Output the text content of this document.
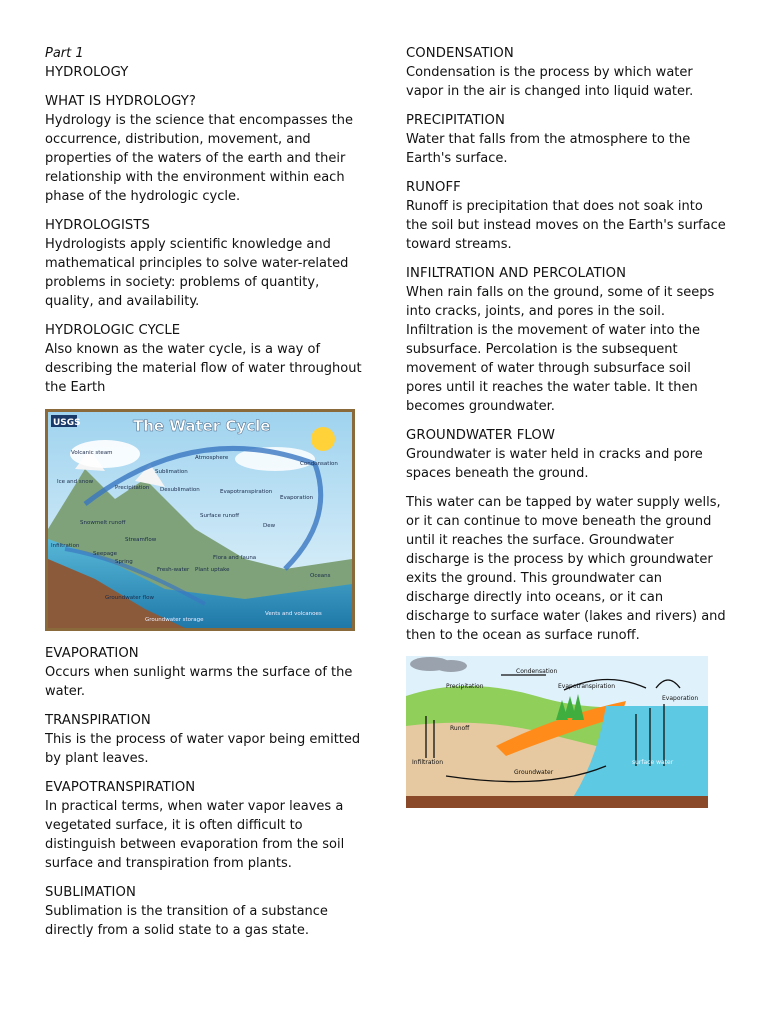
Part 1
HYDROLOGY
WHAT IS HYDROLOGY?

Hydrology is the science that encompasses the occurrence, distribution, movement, and properties of the waters of the earth and their relationship with the environment within each phase of the hydrologic cycle.

HYDROLOGISTS

Hydrologists apply scientific knowledge and mathematical principles to solve water-related problems in society: problems of quantity, quality, and availability.

HYDROLOGIC CYCLE

Also known as the water cycle, is a way of describing the material flow of water throughout the Earth

USGS	The Water Cycle
Atmosphere
Condensation
Sublimation
Desublimation	Evapotranspiration
Evaporation
Precipitation
Ice and snow
Snowmelt runoff
Surface runoff
Dew
Streamflow
Infiltration
Seepage
Spring
Fresh-water Plant uptake
Flora and fauna
Groundwater flow
Groundwater storage
Oceans
Vents and volcanoes
Volcanic steam
EVAPORATION

Occurs when sunlight warms the surface of the water.

TRANSPIRATION

This is the process of water vapor being emitted by plant leaves.

EVAPOTRANSPIRATION

In practical terms, when water vapor leaves a vegetated surface, it is often difficult to distinguish between evaporation from the soil surface and transpiration from plants.

SUBLIMATION

Sublimation is the transition of a substance directly from a solid state to a gas state.

CONDENSATION

Condensation is the process by which water vapor in the air is changed into liquid water.

PRECIPITATION

Water that falls from the atmosphere to the Earth's surface.

RUNOFF

Runoff is precipitation that does not soak into the soil but instead moves on the Earth's surface toward streams.

INFILTRATION AND PERCOLATION

When rain falls on the ground, some of it seeps into cracks, joints, and pores in the soil. Infiltration is the movement of water into the subsurface. Percolation is the subsequent movement of water through subsurface soil pores until it reaches the water table. It then becomes groundwater.

GROUNDWATER FLOW

Groundwater is water held in cracks and pore spaces beneath the ground.

This water can be tapped by water supply wells, or it can continue to move beneath the ground until it reaches the surface. Groundwater discharge is the process by which groundwater exits the ground. This groundwater can discharge directly into oceans, or it can discharge to surface water (lakes and rivers) and then to the ocean as surface runoff.

Condensation
Precipitation	Evapotranspiration
Evaporation
Runoff
Infiltration
Groundwater
surface water
